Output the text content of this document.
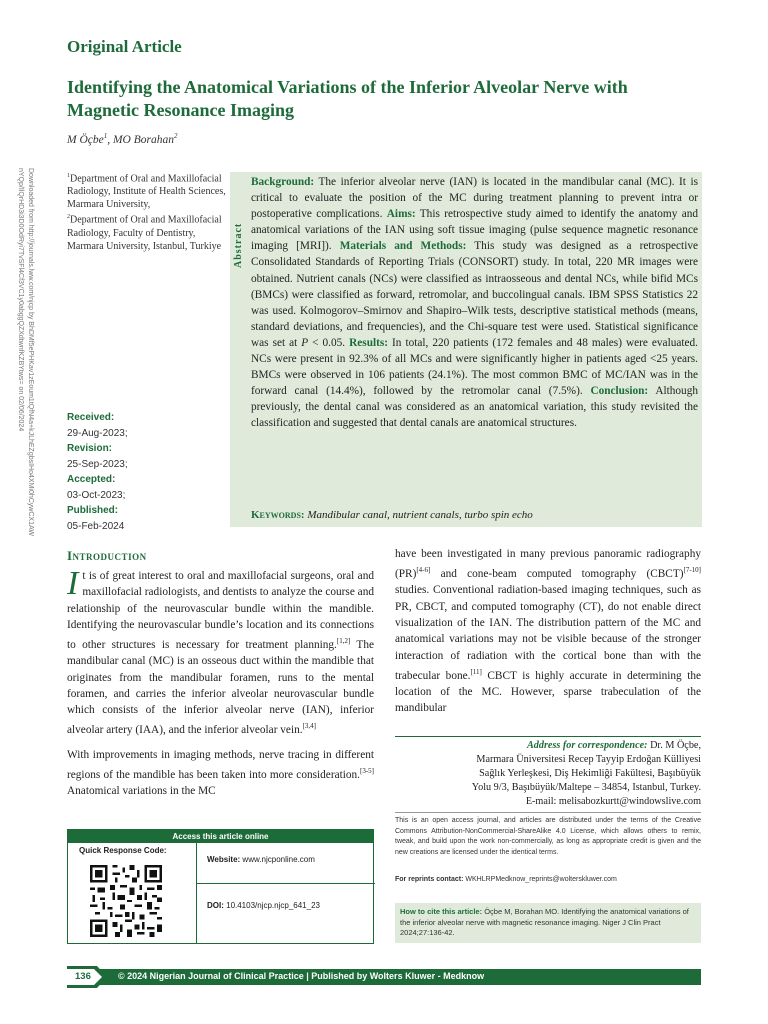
Original Article
Identifying the Anatomical Variations of the Inferior Alveolar Nerve with Magnetic Resonance Imaging
M Öçbe$^1$, MO Borahan$^2$
Downloaded from http://journals.lww.com/njcp by BhDMf5ePHKav1zEoum1tQfN4a+kJLhEZgbsIHo4XMi0hCywCX1AW nYQp/IlQrHD3i3D0OdRyi7TvSFl4Cf3VC1y0abggQZXdtwnfKZBYtws= on 02/06/2024	$^1$Department of Oral and Maxillofacial Radiology, Institute of Health Sciences, Marmara University,

$^2$Department of Oral and Maxillofacial Radiology, Faculty of Dentistry, Marmara University, Istanbul, Turkiye

Received:
29-Aug-2023;
Revision:
25-Sep-2023;
Accepted:
03-Oct-2023;
Published:
05-Feb-2024
Abstract
Background: The inferior alveolar nerve (IAN) is located in the mandibular canal (MC). It is critical to evaluate the position of the MC during treatment planning to prevent intra or postoperative complications. Aims: This retrospective study aimed to identify the anatomy and anatomical variations of the IAN using soft tissue imaging (pulse sequence magnetic resonance imaging [MRI]). Materials and Methods: This study was designed as a retrospective Consolidated Standards of Reporting Trials (CONSORT) study. In total, 220 MR images were obtained. Nutrient canals (NCs) were classified as intraosseous and dental NCs, while bifid MCs (BMCs) were classified as forward, retromolar, and buccolingual canals. IBM SPSS Statistics 22 was used. Kolmogorov–Smirnov and Shapiro–Wilk tests, descriptive statistical methods (means, standard deviations, and frequencies), and the Chi-square test were used. Statistical significance was set at P < 0.05. Results: In total, 220 patients (172 females and 48 males) were evaluated. NCs were present in 92.3% of all MCs and were significantly higher in patients aged <25 years. BMCs were observed in 106 patients (24.1%). The most common BMC of MC/IAN was in the forward canal (14.4%), followed by the retromolar canal (7.5%). Conclusion: Although previously, the dental canal was considered as an anatomical variation, this study revisited the classification and suggested that dental canals are anatomical structures.
Keywords: Mandibular canal, nutrient canals, turbo spin echo
Introduction

It is of great interest to oral and maxillofacial surgeons, oral and maxillofacial radiologists, and dentists to analyze the course and relationship of the neurovascular bundle within the mandible. Identifying the neurovascular bundle’s location and its connections to other structures is necessary for treatment planning.[1,2] The mandibular canal (MC) is an osseous duct within the mandible that originates from the mandibular foramen, runs to the mental foramen, and carries the inferior alveolar neurovascular bundle which consists of the inferior alveolar nerve (IAN), inferior alveolar artery (IAA), and the inferior alveolar vein.[3,4]

With improvements in imaging methods, nerve tracing in different regions of the mandible has been taken into more consideration.[3-5] Anatomical variations in the MC

have been investigated in many previous panoramic radiography (PR)[4-6] and cone-beam computed tomography (CBCT)[7-10] studies. Conventional radiation-based imaging techniques, such as PR, CBCT, and computed tomography (CT), do not enable direct visualization of the IAN. The distribution pattern of the MC and anatomical variations may not be visible because of the stronger interaction of radiation with the cortical bone than with the trabecular bone.[11] CBCT is highly accurate in determining the location of the MC. However, sparse trabeculation of the mandibular
Address for correspondence: Dr. M Öçbe,
Marmara Üniversitesi Recep Tayyip Erdoğan Külliyesi
Sağlık Yerleşkesi, Diş Hekimliği Fakültesi, Başıbüyük
Yolu 9/3, Başıbüyük/Maltepe – 34854, Istanbul, Turkey.
E-mail: melisabozkurtt@windowslive.com
Access this article online
Quick Response Code:
Website: www.njcponline.com
DOI: 10.4103/njcp.njcp_641_23
This is an open access journal, and articles are distributed under the terms of the Creative Commons Attribution-NonCommercial-ShareAlike 4.0 License, which allows others to remix, tweak, and build upon the work non-commercially, as long as appropriate credit is given and the new creations are licensed under the identical terms.
For reprints contact: WKHLRPMedknow_reprints@wolterskluwer.com
How to cite this article: Öçbe M, Borahan MO. Identifying the anatomical variations of the inferior alveolar nerve with magnetic resonance imaging. Niger J Clin Pract 2024;27:136-42.
136	© 2024 Nigerian Journal of Clinical Practice | Published by Wolters Kluwer - Medknow
